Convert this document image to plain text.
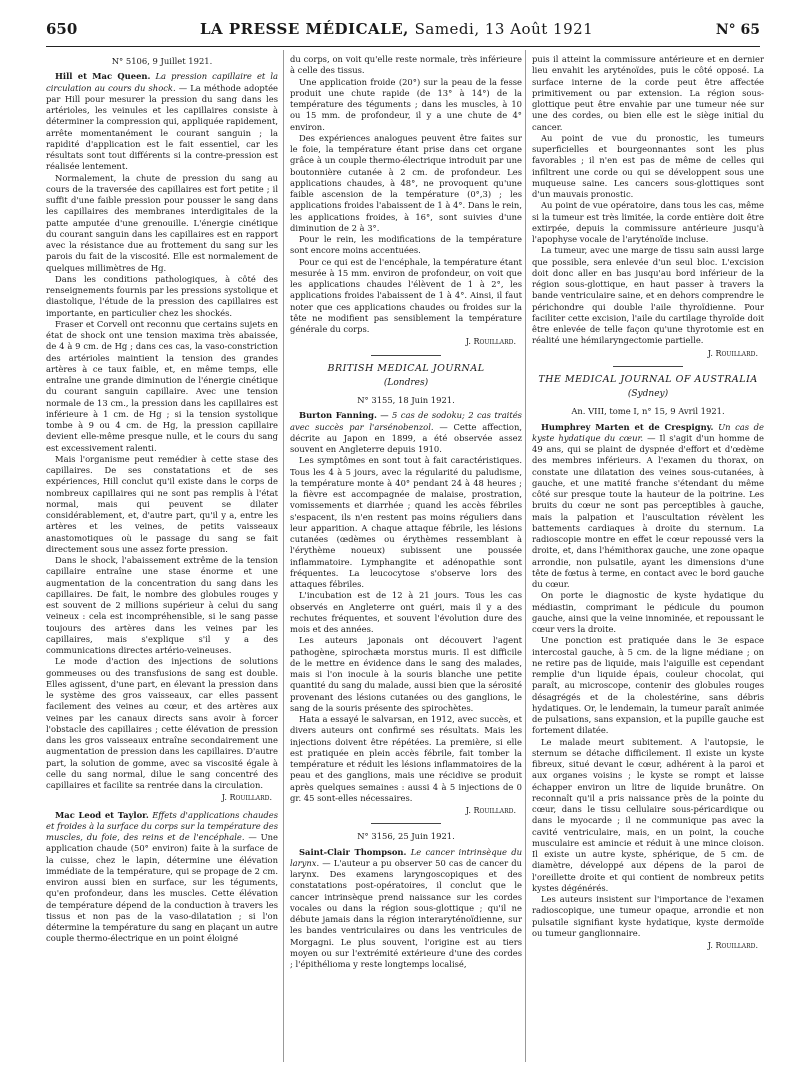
650	LA PRESSE MÉDICALE, Samedi, 13 Août 1921	N° 65

N° 5106, 9 Juillet 1921.

Hill et Mac Queen. La pression capillaire et la circulation au cours du shock. — La méthode adoptée par Hill pour mesurer la pression du sang dans les artérioles, les veinules et les capillaires consiste à déterminer la compression qui, appliquée rapidement, arrête momentanément le courant sanguin ; la rapidité d'application est le fait essentiel, car les résultats sont tout différents si la contre-pression est réalisée lentement.

Normalement, la chute de pression du sang au cours de la traversée des capillaires est fort petite ; il suffit d'une faible pression pour pousser le sang dans les capillaires des membranes interdigitales de la patte amputée d'une grenouille. L'énergie cinétique du courant sanguin dans les capillaires est en rapport avec la résistance due au frottement du sang sur les parois du fait de la viscosité. Elle est normalement de quelques millimètres de Hg.

Dans les conditions pathologiques, à côté des renseignements fournis par les pressions systolique et diastolique, l'étude de la pression des capillaires est importante, en particulier chez les shockés.

Fraser et Corvell ont reconnu que certains sujets en état de shock ont une tension maxima très abaissée, de 4 à 9 cm. de Hg ; dans ces cas, la vaso-constriction des artérioles maintient la tension des grandes artères à ce taux faible, et, en même temps, elle entraîne une grande diminution de l'énergie cinétique du courant sanguin capillaire. Avec une tension normale de 13 cm., la pression dans les capillaires est inférieure à 1 cm. de Hg ; si la tension systolique tombe à 9 ou 4 cm. de Hg, la pression capillaire devient elle-même presque nulle, et le cours du sang est excessivement ralenti.

Mais l'organisme peut remédier à cette stase des capillaires. De ses constatations et de ses expériences, Hill conclut qu'il existe dans le corps de nombreux capillaires qui ne sont pas remplis à l'état normal, mais qui peuvent se dilater considérablement, et, d'autre part, qu'il y a, entre les artères et les veines, de petits vaisseaux anastomotiques où le passage du sang se fait directement sous une assez forte pression.

Dans le shock, l'abaissement extrême de la tension capillaire entraîne une stase énorme et une augmentation de la concentration du sang dans les capillaires. De fait, le nombre des globules rouges y est souvent de 2 millions supérieur à celui du sang veineux : cela est incompréhensible, si le sang passe toujours des artères dans les veines par les capillaires, mais s'explique s'il y a des communications directes artério-veineuses.

Le mode d'action des injections de solutions gommeuses ou des transfusions de sang est double. Elles agissent, d'une part, en élevant la pression dans le système des gros vaisseaux, car elles passent facilement des veines au cœur, et des artères aux veines par les canaux directs sans avoir à forcer l'obstacle des capillaires ; cette élévation de pression dans les gros vaisseaux entraîne secondairement une augmentation de pression dans les capillaires. D'autre part, la solution de gomme, avec sa viscosité égale à celle du sang normal, dilue le sang concentré des capillaires et facilite sa rentrée dans la circulation.

J. Rouillard.

Mac Leod et Taylor. Effets d'applications chaudes et froides à la surface du corps sur la température des muscles, du foie, des reins et de l'encéphale. — Une application chaude (50° environ) faite à la surface de la cuisse, chez le lapin, détermine une élévation immédiate de la température, qui se propage de 2 cm. environ aussi bien en surface, sur les téguments, qu'en profondeur, dans les muscles. Cette élévation de température dépend de la conduction à travers les tissus et non pas de la vaso-dilatation ; si l'on détermine la température du sang en plaçant un autre couple thermo-électrique en un point éloigné

du corps, on voit qu'elle reste normale, très inférieure à celle des tissus.

Une application froide (20°) sur la peau de la fesse produit une chute rapide (de 13° à 14°) de la température des téguments ; dans les muscles, à 10 ou 15 mm. de profondeur, il y a une chute de 4° environ.

Des expériences analogues peuvent être faites sur le foie, la température étant prise dans cet organe grâce à un couple thermo-électrique introduit par une boutonnière cutanée à 2 cm. de profondeur. Les applications chaudes, à 48°, ne provoquent qu'une faible ascension de la température (0°,3) ; les applications froides l'abaissent de 1 à 4°. Dans le rein, les applications froides, à 16°, sont suivies d'une diminution de 2 à 3°.

Pour le rein, les modifications de la température sont encore moins accentuées.

Pour ce qui est de l'encéphale, la température étant mesurée à 15 mm. environ de profondeur, on voit que les applications chaudes l'élèvent de 1 à 2°, les applications froides l'abaissent de 1 à 4°. Ainsi, il faut noter que ces applications chaudes ou froides sur la tête ne modifient pas sensiblement la température générale du corps.

J. Rouillard.

BRITISH MEDICAL JOURNAL
(Londres)

N° 3155, 18 Juin 1921.

Burton Fanning. — 5 cas de sodoku; 2 cas traités avec succès par l'arsénobenzol. — Cette affection, décrite au Japon en 1899, a été observée assez souvent en Angleterre depuis 1910.

Les symptômes en sont tout à fait caractéristiques. Tous les 4 à 5 jours, avec la régularité du paludisme, la température monte à 40° pendant 24 à 48 heures ; la fièvre est accompagnée de malaise, prostration, vomissements et diarrhée ; quand les accès fébriles s'espacent, ils n'en restent pas moins réguliers dans leur apparition. A chaque attaque fébrile, les lésions cutanées (œdèmes ou érythèmes ressemblant à l'érythème noueux) subissent une poussée inflammatoire. Lymphangite et adénopathie sont fréquentes. La leucocytose s'observe lors des attaques fébriles.

L'incubation est de 12 à 21 jours. Tous les cas observés en Angleterre ont guéri, mais il y a des rechutes fréquentes, et souvent l'évolution dure des mois et des années.

Les auteurs japonais ont découvert l'agent pathogène, spirochæta morstus muris. Il est difficile de le mettre en évidence dans le sang des malades, mais si l'on inocule à la souris blanche une petite quantité du sang du malade, aussi bien que la sérosité provenant des lésions cutanées ou des ganglions, le sang de la souris présente des spirochètes.

Hata a essayé le salvarsan, en 1912, avec succès, et divers auteurs ont confirmé ses résultats. Mais les injections doivent être répétées. La première, si elle est pratiquée en plein accès fébrile, fait tomber la température et réduit les lésions inflammatoires de la peau et des ganglions, mais une récidive se produit après quelques semaines : aussi 4 à 5 injections de 0 gr. 45 sont-elles nécessaires.

J. Rouillard.

N° 3156, 25 Juin 1921.

Saint-Clair Thompson. Le cancer intrinsèque du larynx. — L'auteur a pu observer 50 cas de cancer du larynx. Des examens laryngoscopiques et des constatations post-opératoires, il conclut que le cancer intrinsèque prend naissance sur les cordes vocales ou dans la région sous-glottique ; qu'il ne débute jamais dans la région interaryténoïdienne, sur les bandes ventriculaires ou dans les ventricules de Morgagni. Le plus souvent, l'origine est au tiers moyen ou sur l'extrémité extérieure d'une des cordes ; l'épithélioma y reste longtemps localisé,

puis il atteint la commissure antérieure et en dernier lieu envahit les aryténoïdes, puis le côté opposé. La surface interne de la corde peut être affectée primitivement ou par extension. La région sous-glottique peut être envahie par une tumeur née sur une des cordes, ou bien elle est le siège initial du cancer.

Au point de vue du pronostic, les tumeurs superficielles et bourgeonnantes sont les plus favorables ; il n'en est pas de même de celles qui infiltrent une corde ou qui se développent sous une muqueuse saine. Les cancers sous-glottiques sont d'un mauvais pronostic.

Au point de vue opératoire, dans tous les cas, même si la tumeur est très limitée, la corde entière doit être extirpée, depuis la commissure antérieure jusqu'à l'apophyse vocale de l'aryténoïde incluse.

La tumeur, avec une marge de tissu sain aussi large que possible, sera enlevée d'un seul bloc. L'excision doit donc aller en bas jusqu'au bord inférieur de la région sous-glottique, en haut passer à travers la bande ventriculaire saine, et en dehors comprendre le périchondre qui double l'aile thyroïdienne. Pour faciliter cette excision, l'aile du cartilage thyroïde doit être enlevée de telle façon qu'une thyrotomie est en réalité une hémilaryngectomie partielle.

J. Rouillard.

THE MEDICAL JOURNAL OF AUSTRALIA
(Sydney)

An. VIII, tome I, n° 15, 9 Avril 1921.

Humphrey Marten et de Crespigny. Un cas de kyste hydatique du cœur. — Il s'agit d'un homme de 49 ans, qui se plaint de dyspnée d'effort et d'œdème des membres inférieurs. A l'examen du thorax, on constate une dilatation des veines sous-cutanées, à gauche, et une matité franche s'étendant du même côté sur presque toute la hauteur de la poitrine. Les bruits du cœur ne sont pas perceptibles à gauche, mais la palpation et l'auscultation révèlent les battements cardiaques à droite du sternum. La radioscopie montre en effet le cœur repoussé vers la droite, et, dans l'hémithorax gauche, une zone opaque arrondie, non pulsatile, ayant les dimensions d'une tête de fœtus à terme, en contact avec le bord gauche du cœur.

On porte le diagnostic de kyste hydatique du médiastin, comprimant le pédicule du poumon gauche, ainsi que la veine innominée, et repoussant le cœur vers la droite.

Une ponction est pratiquée dans le 3e espace intercostal gauche, à 5 cm. de la ligne médiane ; on ne retire pas de liquide, mais l'aiguille est cependant remplie d'un liquide épais, couleur chocolat, qui paraît, au microscope, contenir des globules rouges désagrégés et de la cholestérine, sans débris hydatiques. Or, le lendemain, la tumeur paraît animée de pulsations, sans expansion, et la pupille gauche est fortement dilatée.

Le malade meurt subitement. A l'autopsie, le sternum se détache difficilement. Il existe un kyste fibreux, situé devant le cœur, adhérent à la paroi et aux organes voisins ; le kyste se rompt et laisse échapper environ un litre de liquide brunâtre. On reconnaît qu'il a pris naissance près de la pointe du cœur, dans le tissu cellulaire sous-péricardique ou dans le myocarde ; il ne communique pas avec la cavité ventriculaire, mais, en un point, la couche musculaire est amincie et réduit à une mince cloison. Il existe un autre kyste, sphérique, de 5 cm. de diamètre, développé aux dépens de la paroi de l'oreillette droite et qui contient de nombreux petits kystes dégénérés.

Les auteurs insistent sur l'importance de l'examen radioscopique, une tumeur opaque, arrondie et non pulsatile signifiant kyste hydatique, kyste dermoïde ou tumeur ganglionnaire.

J. Rouillard.
